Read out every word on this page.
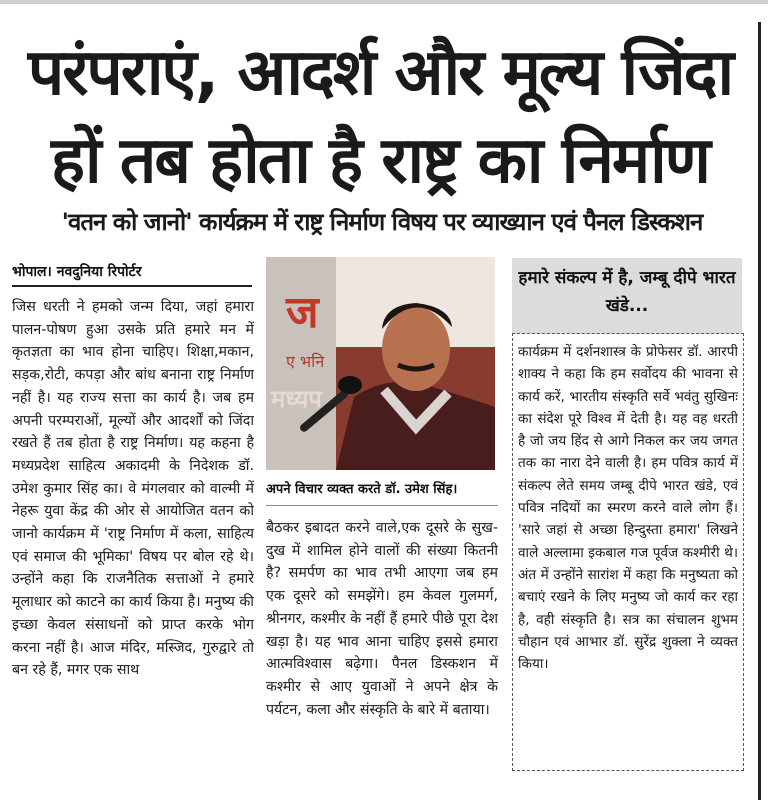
परंपराएं, आदर्श और मूल्य जिंदा
हों तब होता है राष्ट्र का निर्माण
'वतन को जानो' कार्यक्रम में राष्ट्र निर्माण विषय पर व्याख्यान एवं पैनल डिस्कशन
भोपाल। नवदुनिया रिपोर्टर
जिस धरती ने हमको जन्म दिया, जहां हमारा पालन-पोषण हुआ उसके प्रति हमारे मन में कृतज्ञता का भाव होना चाहिए। शिक्षा,मकान, सड़क,रोटी, कपड़ा और बांध बनाना राष्ट्र निर्माण नहीं है। यह राज्य सत्ता का कार्य है। जब हम अपनी परम्पराओं, मूल्यों और आदर्शों को जिंदा रखते हैं तब होता है राष्ट्र निर्माण। यह कहना है मध्यप्रदेश साहित्य अकादमी के निदेशक डॉ. उमेश कुमार सिंह का। वे मंगलवार को वाल्मी में नेहरू युवा केंद्र की ओर से आयोजित वतन को जानो कार्यक्रम में 'राष्ट्र निर्माण में कला, साहित्य एवं समाज की भूमिका' विषय पर बोल रहे थे। उन्होंने कहा कि राजनैतिक सत्ताओं ने हमारे मूलाधार को काटने का कार्य किया है। मनुष्य की इच्छा केवल संसाधनों को प्राप्त करके भोग करना नहीं है। आज मंदिर, मस्जिद, गुरुद्वारे तो बन रहे हैं, मगर एक साथ
ज
ए भनि
मध्यप
अपने विचार व्यक्त करते डॉ. उमेश सिंह।
बैठकर इबादत करने वाले,एक दूसरे के सुख-दुख में शामिल होने वालों की संख्या कितनी है? समर्पण का भाव तभी आएगा जब हम एक दूसरे को समझेंगे। हम केवल गुलमर्ग, श्रीनगर, कश्मीर के नहीं हैं हमारे पीछे पूरा देश खड़ा है। यह भाव आना चाहिए इससे हमारा आत्मविश्वास बढ़ेगा। पैनल डिस्कशन में कश्मीर से आए युवाओं ने अपने क्षेत्र के पर्यटन, कला और संस्कृति के बारे में बताया।
हमारे संकल्प में है, जम्बू दीपे भारत खंडे...
कार्यक्रम में दर्शनशास्त्र के प्रोफेसर डॉ. आरपी शाक्य ने कहा कि हम सर्वोदय की भावना से कार्य करें, भारतीय संस्कृति सर्वे भवंतु सुखिनः का संदेश पूरे विश्व में देती है। यह वह धरती है जो जय हिंद से आगे निकल कर जय जगत तक का नारा देने वाली है। हम पवित्र कार्य में संकल्प लेते समय जम्बू दीपे भारत खंडे, एवं पवित्र नदियों का स्मरण करने वाले लोग हैं। 'सारे जहां से अच्छा हिन्दुस्ता हमारा' लिखने वाले अल्लामा इकबाल गज पूर्वज कश्मीरी थे। अंत में उन्होंने सारांश में कहा कि मनुष्यता को बचाएं रखने के लिए मनुष्य जो कार्य कर रहा है, वही संस्कृति है। सत्र का संचालन शुभम चौहान एवं आभार डॉ. सुरेंद्र शुक्ला ने व्यक्त किया।
